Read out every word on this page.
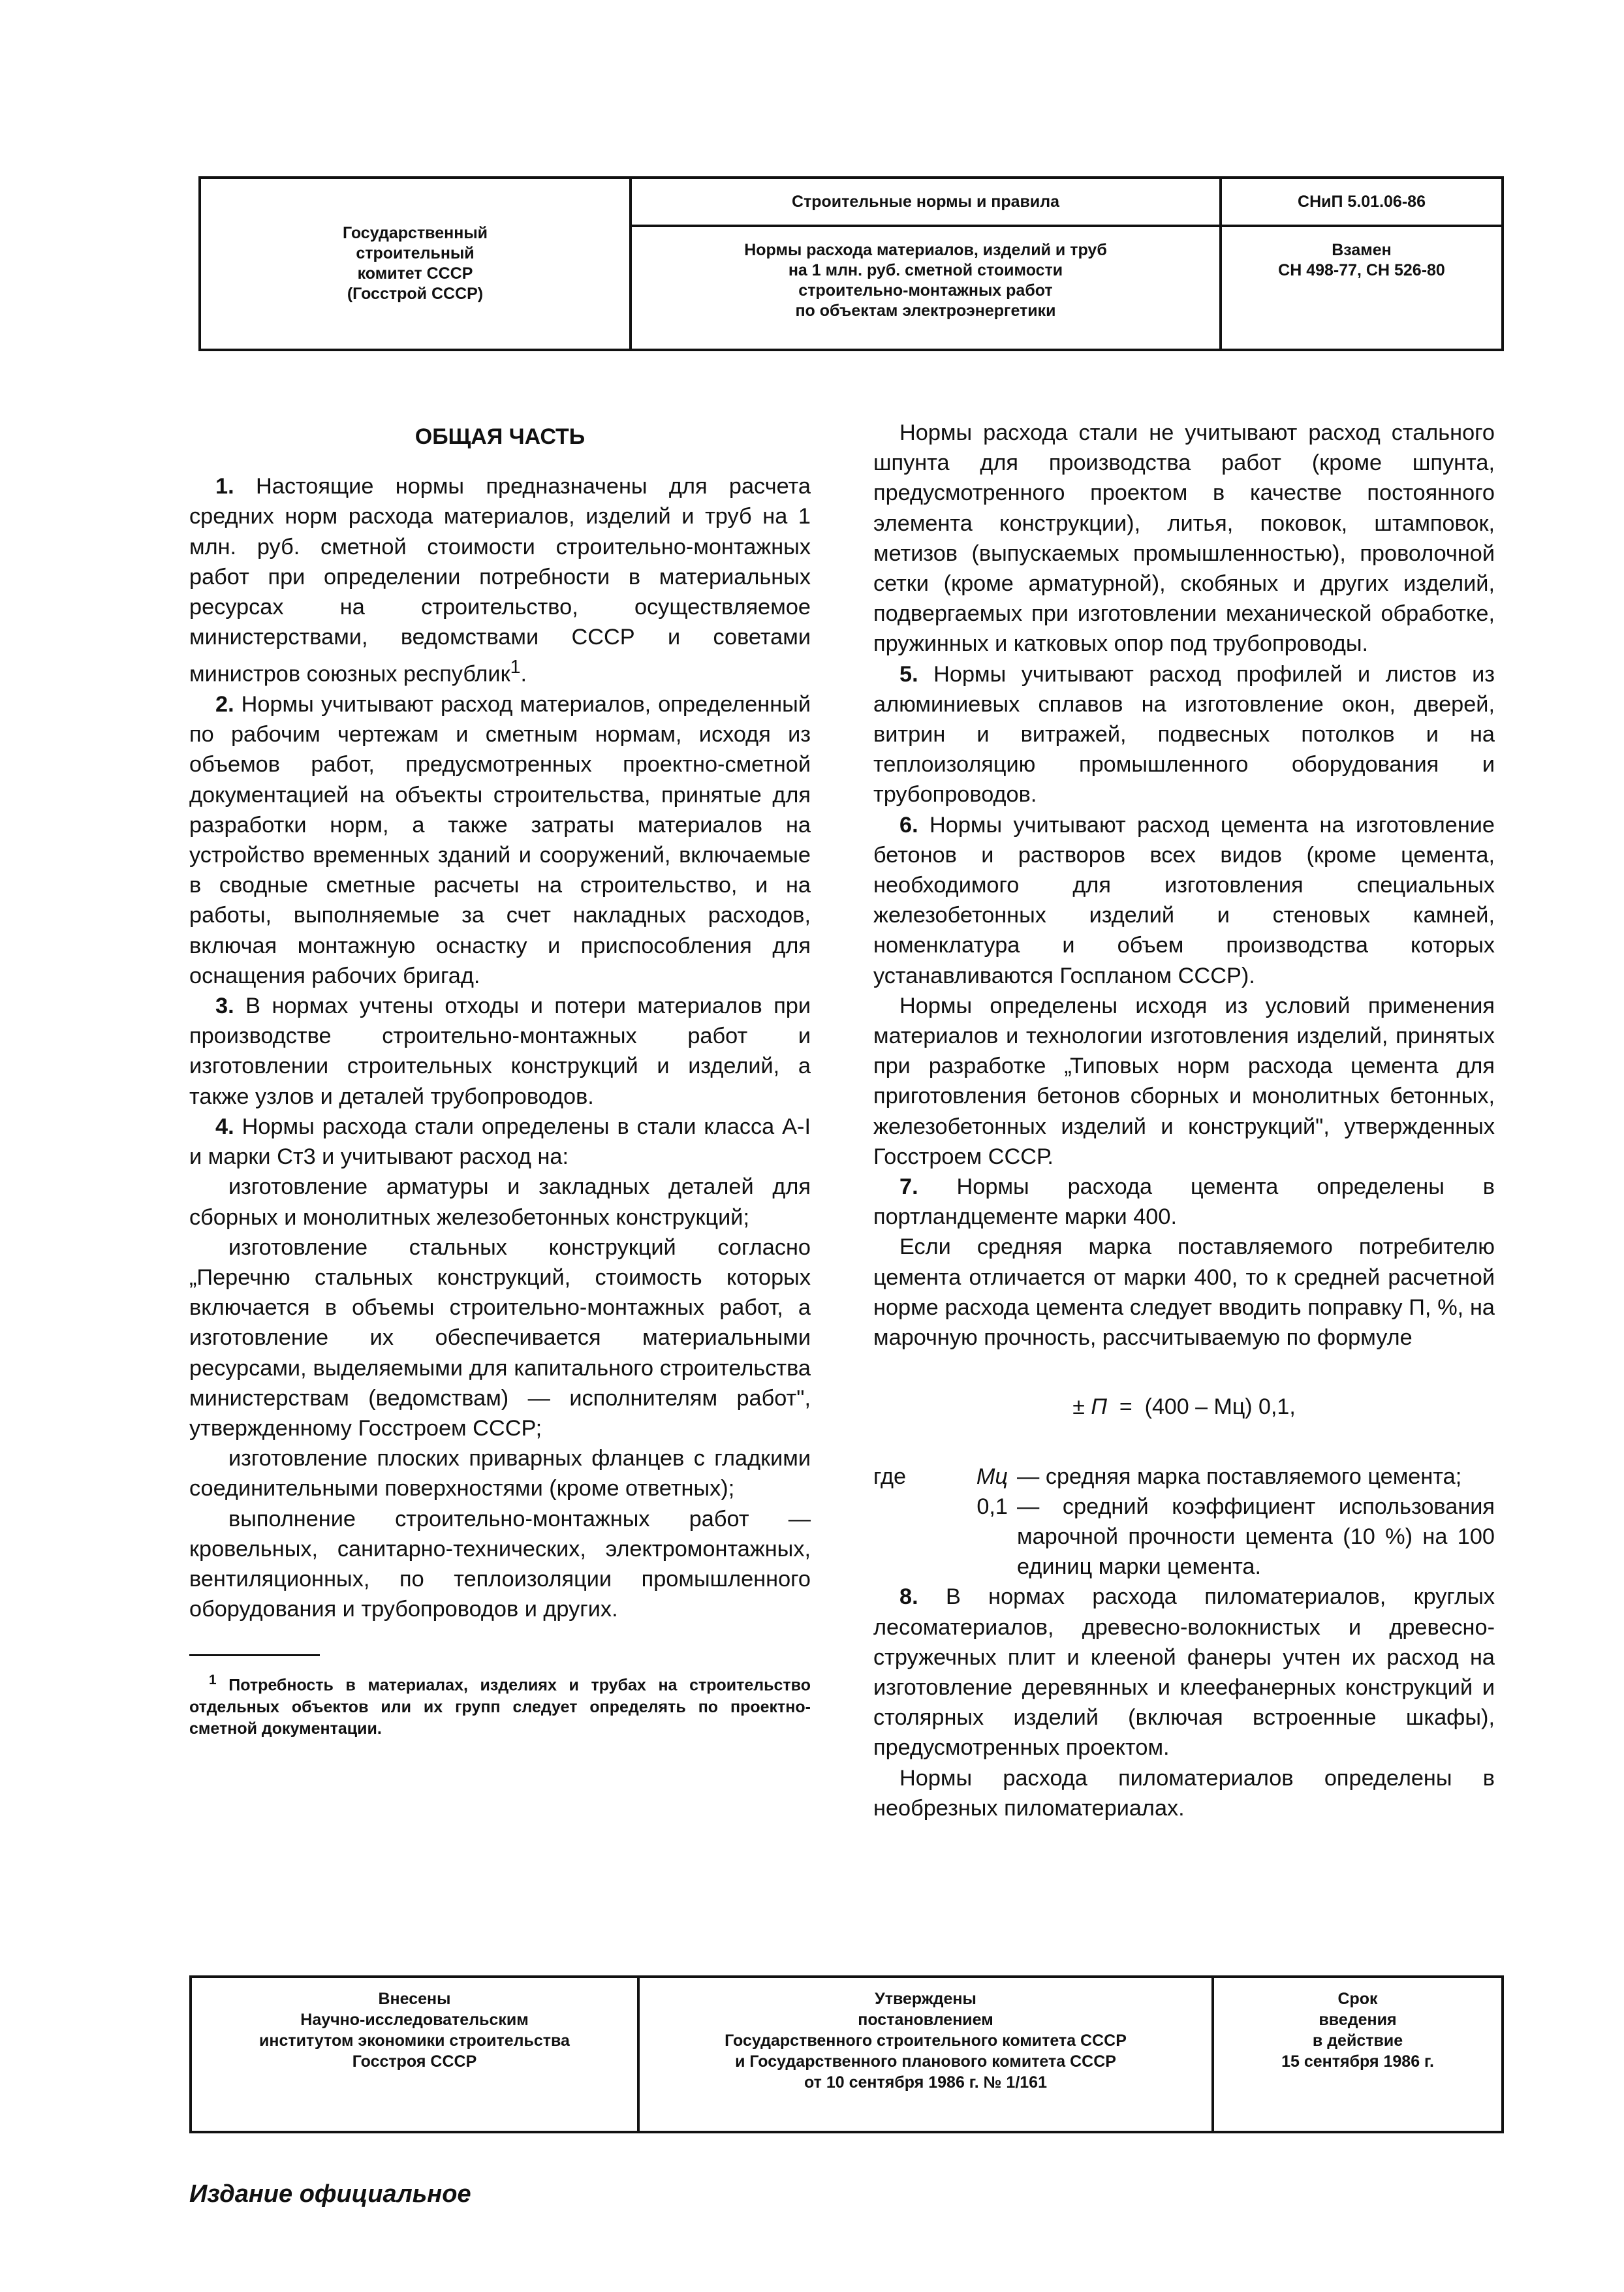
Государственный
строительный
комитет СССР
(Госстрой СССР)
Строительные нормы и правила
Нормы расхода материалов, изделий и труб
на 1 млн. руб. сметной стоимости
строительно-монтажных работ
по объектам электроэнергетики
СНиП 5.01.06-86
Взамен
СН 498-77, СН 526-80
ОБЩАЯ ЧАСТЬ

1. Настоящие нормы предназначены для расчета средних норм расхода материалов, изделий и труб на 1 млн. руб. сметной стоимости строительно-монтажных работ при определении потребности в материальных ресурсах на строительство, осуществляемое министерствами, ведомствами СССР и советами министров союзных республик$^1$.

2. Нормы учитывают расход материалов, определенный по рабочим чертежам и сметным нормам, исходя из объемов работ, предусмотренных проектно-сметной документацией на объекты строительства, принятые для разработки норм, а также затраты материалов на устройство временных зданий и сооружений, включаемые в сводные сметные расчеты на строительство, и на работы, выполняемые за счет накладных расходов, включая монтажную оснастку и приспособления для оснащения рабочих бригад.

3. В нормах учтены отходы и потери материалов при производстве строительно-монтажных работ и изготовлении строительных конструкций и изделий, а также узлов и деталей трубопроводов.

4. Нормы расхода стали определены в стали класса А-I и марки Ст3 и учитывают расход на:

изготовление арматуры и закладных деталей для сборных и монолитных железобетонных конструкций;

изготовление стальных конструкций согласно „Перечню стальных конструкций, стоимость которых включается в объемы строительно-монтажных работ, а изготовление их обеспечивается материальными ресурсами, выделяемыми для капитального строительства министерствам (ведомствам) — исполнителям работ", утвержденному Госстроем СССР;

изготовление плоских приварных фланцев с гладкими соединительными поверхностями (кроме ответных);

выполнение строительно-монтажных работ — кровельных, санитарно-технических, электромонтажных, вентиляционных, по теплоизоляции промышленного оборудования и трубопроводов и других.

$^1$ Потребность в материалах, изделиях и трубах на строительство отдельных объектов или их групп следует определять по проектно-сметной документации.

Нормы расхода стали не учитывают расход стального шпунта для производства работ (кроме шпунта, предусмотренного проектом в качестве постоянного элемента конструкции), литья, поковок, штамповок, метизов (выпускаемых промышленностью), проволочной сетки (кроме арматурной), скобяных и других изделий, подвергаемых при изготовлении механической обработке, пружинных и катковых опор под трубопроводы.

5. Нормы учитывают расход профилей и листов из алюминиевых сплавов на изготовление окон, дверей, витрин и витражей, подвесных потолков и на теплоизоляцию промышленного оборудования и трубопроводов.

6. Нормы учитывают расход цемента на изготовление бетонов и растворов всех видов (кроме цемента, необходимого для изготовления специальных железобетонных изделий и стеновых камней, номенклатура и объем производства которых устанавливаются Госпланом СССР).

Нормы определены исходя из условий применения материалов и технологии изготовления изделий, принятых при разработке „Типовых норм расхода цемента для приготовления бетонов сборных и монолитных бетонных, железобетонных изделий и конструкций", утвержденных Госстроем СССР.

7. Нормы расхода цемента определены в портландцементе марки 400.

Если средняя марка поставляемого потребителю цемента отличается от марки 400, то к средней расчетной норме расхода цемента следует вводить поправку П, %, на марочную прочность, рассчитываемую по формуле

± П = (400 – Мц) 0,1,
где	Мц — средняя марка поставляемого цемента;
0,1 — средний коэффициент использования марочной прочности цемента (10 %) на 100 единиц марки цемента.

8. В нормах расхода пиломатериалов, круглых лесоматериалов, древесно-волокнистых и древесно-стружечных плит и клееной фанеры учтен их расход на изготовление деревянных и клеефанерных конструкций и столярных изделий (включая встроенные шкафы), предусмотренных проектом.

Нормы расхода пиломатериалов определены в необрезных пиломатериалах.

Внесены
Научно-исследовательским
институтом экономики строительства
Госстроя СССР
Утверждены
постановлением
Государственного строительного комитета СССР
и Государственного планового комитета СССР
от 10 сентября 1986 г. № 1/161
Срок
введения
в действие
15 сентября 1986 г.
Издание официальное
